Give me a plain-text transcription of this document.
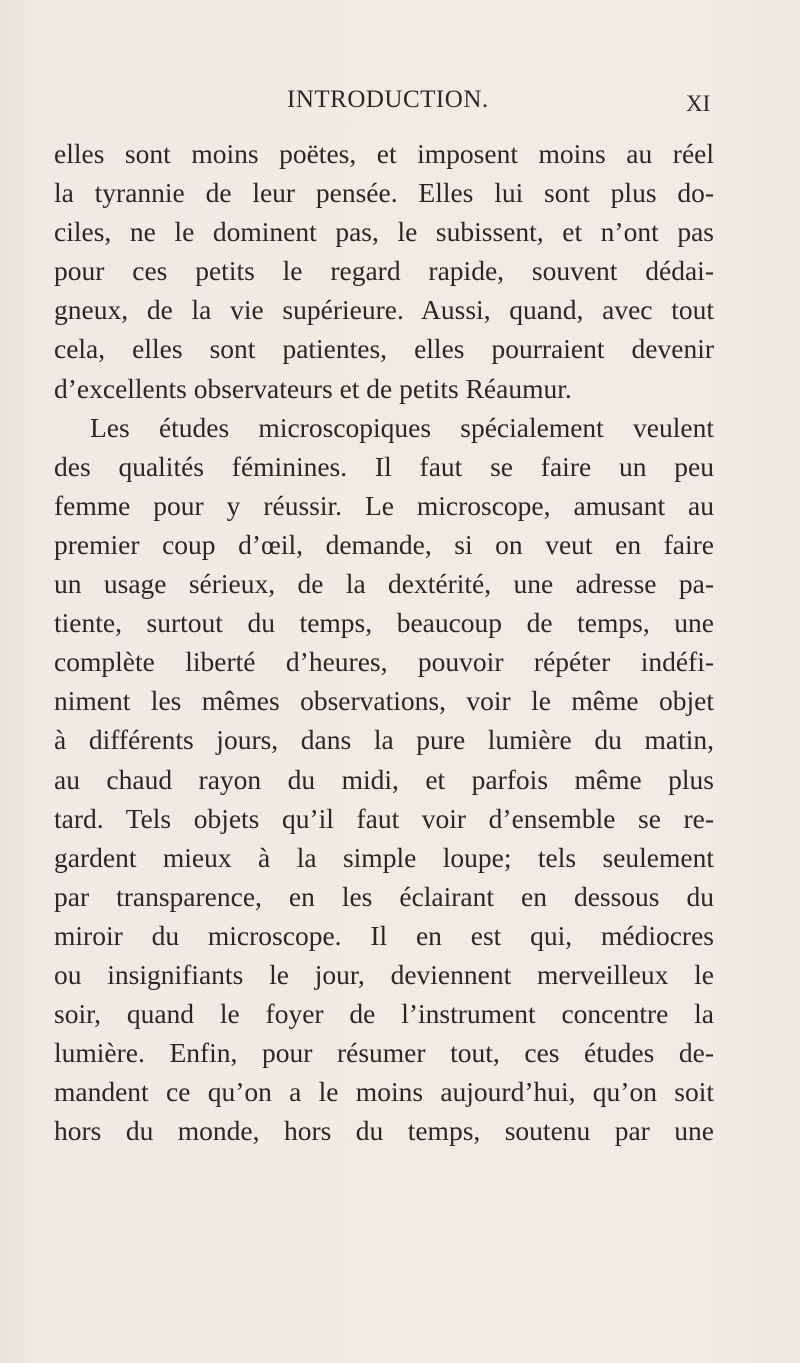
INTRODUCTION.	XI
elles sont moins poëtes, et imposent moins au réel
la tyrannie de leur pensée. Elles lui sont plus do-
ciles, ne le dominent pas, le subissent, et n’ont pas
pour ces petits le regard rapide, souvent dédai-
gneux, de la vie supérieure. Aussi, quand, avec tout
cela, elles sont patientes, elles pourraient devenir
d’excellents observateurs et de petits Réaumur.
Les études microscopiques spécialement veulent
des qualités féminines. Il faut se faire un peu
femme pour y réussir. Le microscope, amusant au
premier coup d’œil, demande, si on veut en faire
un usage sérieux, de la dextérité, une adresse pa-
tiente, surtout du temps, beaucoup de temps, une
complète liberté d’heures, pouvoir répéter indéfi-
niment les mêmes observations, voir le même objet
à différents jours, dans la pure lumière du matin,
au chaud rayon du midi, et parfois même plus
tard. Tels objets qu’il faut voir d’ensemble se re-
gardent mieux à la simple loupe; tels seulement
par transparence, en les éclairant en dessous du
miroir du microscope. Il en est qui, médiocres
ou insignifiants le jour, deviennent merveilleux le
soir, quand le foyer de l’instrument concentre la
lumière. Enfin, pour résumer tout, ces études de-
mandent ce qu’on a le moins aujourd’hui, qu’on soit
hors du monde, hors du temps, soutenu par une
